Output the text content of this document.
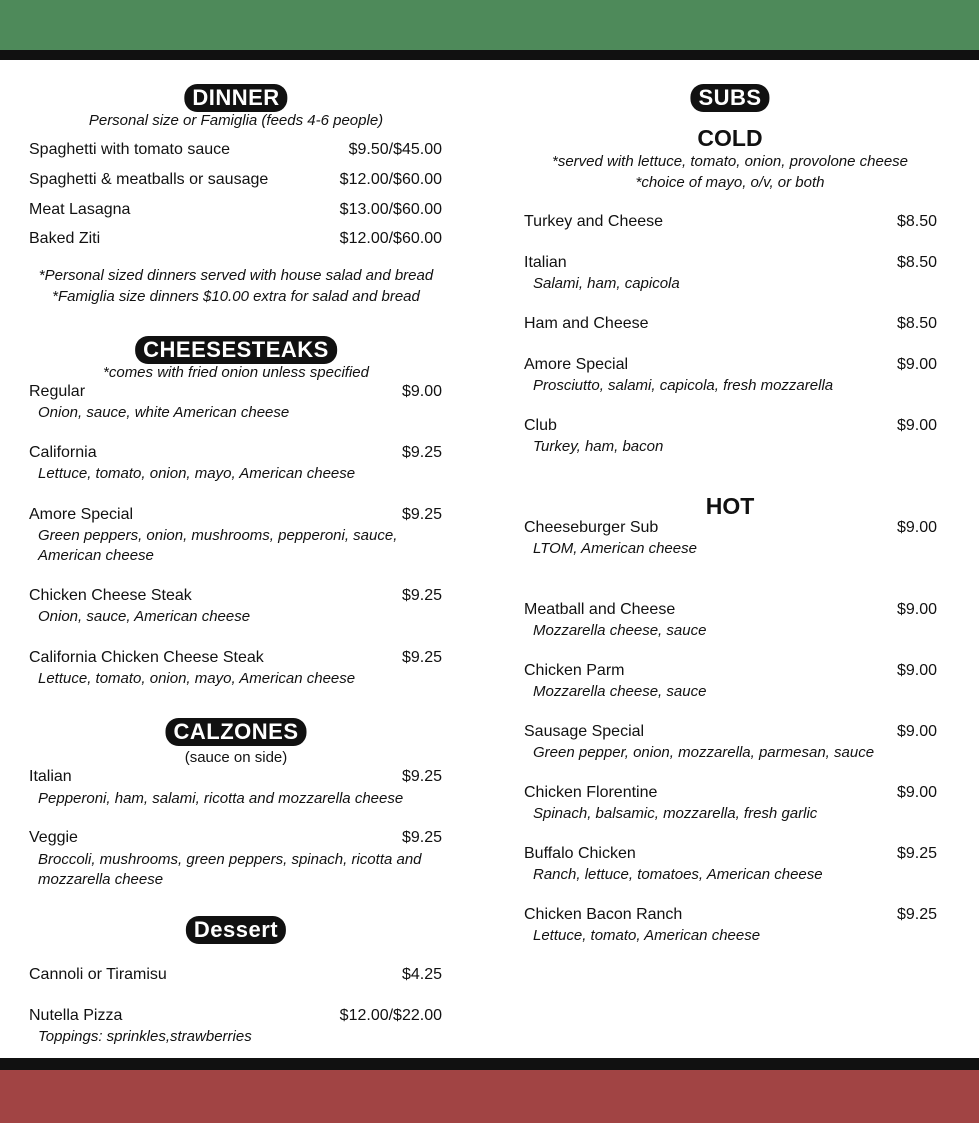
DINNER
Personal size or Famiglia (feeds 4-6 people)
Spaghetti with tomato sauce	$9.50/$45.00
Spaghetti & meatballs or sausage	$12.00/$60.00
Meat Lasagna	$13.00/$60.00
Baked Ziti	$12.00/$60.00
*Personal sized dinners served with house salad and bread
*Famiglia size dinners $10.00 extra for salad and bread
CHEESESTEAKS
*comes with fried onion unless specified
Regular	$9.00
Onion, sauce, white American cheese
California	$9.25
Lettuce, tomato, onion, mayo, American cheese
Amore Special	$9.25
Green peppers, onion, mushrooms, pepperoni, sauce,
American cheese
Chicken Cheese Steak	$9.25
Onion, sauce, American cheese
California Chicken Cheese Steak	$9.25
Lettuce, tomato, onion, mayo, American cheese
CALZONES
(sauce on side)
Italian	$9.25
Pepperoni, ham, salami, ricotta and mozzarella cheese
Veggie	$9.25
Broccoli, mushrooms, green peppers, spinach, ricotta and
mozzarella cheese
Dessert
Cannoli or Tiramisu	$4.25
Nutella Pizza	$12.00/$22.00
Toppings: sprinkles,strawberries
SUBS
COLD
*served with lettuce, tomato, onion, provolone cheese
*choice of mayo, o/v, or both
Turkey and Cheese	$8.50
Italian	$8.50
Salami, ham, capicola
Ham and Cheese	$8.50
Amore Special	$9.00
Prosciutto, salami, capicola, fresh mozzarella
Club	$9.00
Turkey, ham, bacon
HOT
Cheeseburger Sub	$9.00
LTOM, American cheese
Meatball and Cheese	$9.00
Mozzarella cheese, sauce
Chicken Parm	$9.00
Mozzarella cheese, sauce
Sausage Special	$9.00
Green pepper, onion, mozzarella, parmesan, sauce
Chicken Florentine	$9.00
Spinach, balsamic, mozzarella, fresh garlic
Buffalo Chicken	$9.25
Ranch, lettuce, tomatoes, American cheese
Chicken Bacon Ranch	$9.25
Lettuce, tomato, American cheese
